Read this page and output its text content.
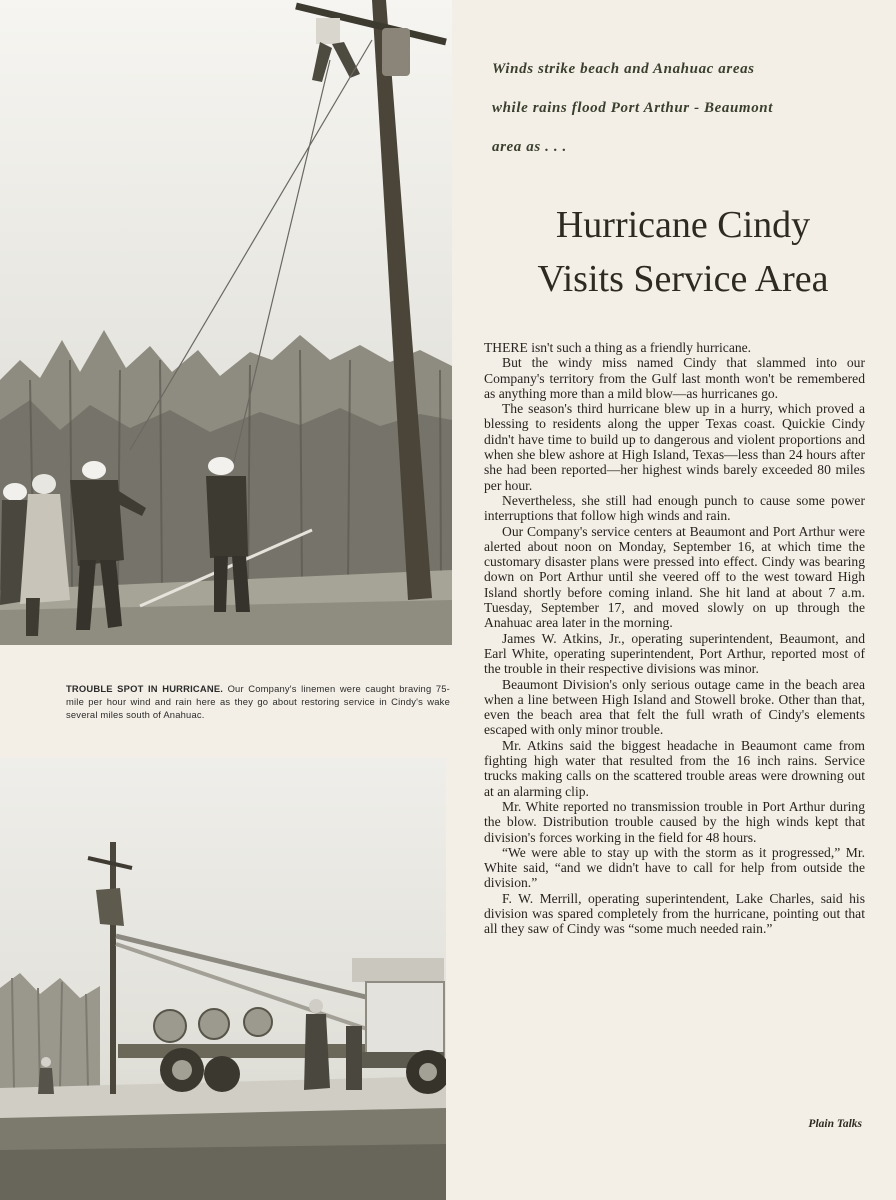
TROUBLE SPOT IN HURRICANE. Our Company's linemen were caught braving 75-mile per hour wind and rain here as they go about restoring service in Cindy's wake several miles south of Anahuac.
Winds strike beach and Anahuac areas
while rains flood Port Arthur - Beaumont
area as . . .
Hurricane Cindy
Visits Service Area

THERE isn't such a thing as a friendly hurricane.

But the windy miss named Cindy that slammed into our Company's territory from the Gulf last month won't be remembered as anything more than a mild blow—as hurricanes go.

The season's third hurricane blew up in a hurry, which proved a blessing to residents along the upper Texas coast. Quickie Cindy didn't have time to build up to dangerous and violent proportions and when she blew ashore at High Island, Texas—less than 24 hours after she had been reported—her highest winds barely exceeded 80 miles per hour.

Nevertheless, she still had enough punch to cause some power interruptions that follow high winds and rain.

Our Company's service centers at Beaumont and Port Arthur were alerted about noon on Monday, September 16, at which time the customary disaster plans were pressed into effect. Cindy was bearing down on Port Arthur until she veered off to the west toward High Island shortly before coming inland. She hit land at about 7 a.m. Tuesday, September 17, and moved slowly on up through the Anahuac area later in the morning.

James W. Atkins, Jr., operating superintendent, Beaumont, and Earl White, operating superintendent, Port Arthur, reported most of the trouble in their respective divisions was minor.

Beaumont Division's only serious outage came in the beach area when a line between High Island and Stowell broke. Other than that, even the beach area that felt the full wrath of Cindy's elements escaped with only minor trouble.

Mr. Atkins said the biggest headache in Beaumont came from fighting high water that resulted from the 16 inch rains. Service trucks making calls on the scattered trouble areas were drowning out at an alarming clip.

Mr. White reported no transmission trouble in Port Arthur during the blow. Distribution trouble caused by the high winds kept that division's forces working in the field for 48 hours.

“We were able to stay up with the storm as it progressed,” Mr. White said, “and we didn't have to call for help from outside the division.”

F. W. Merrill, operating superintendent, Lake Charles, said his division was spared completely from the hurricane, pointing out that all they saw of Cindy was “some much needed rain.”

Plain Talks
